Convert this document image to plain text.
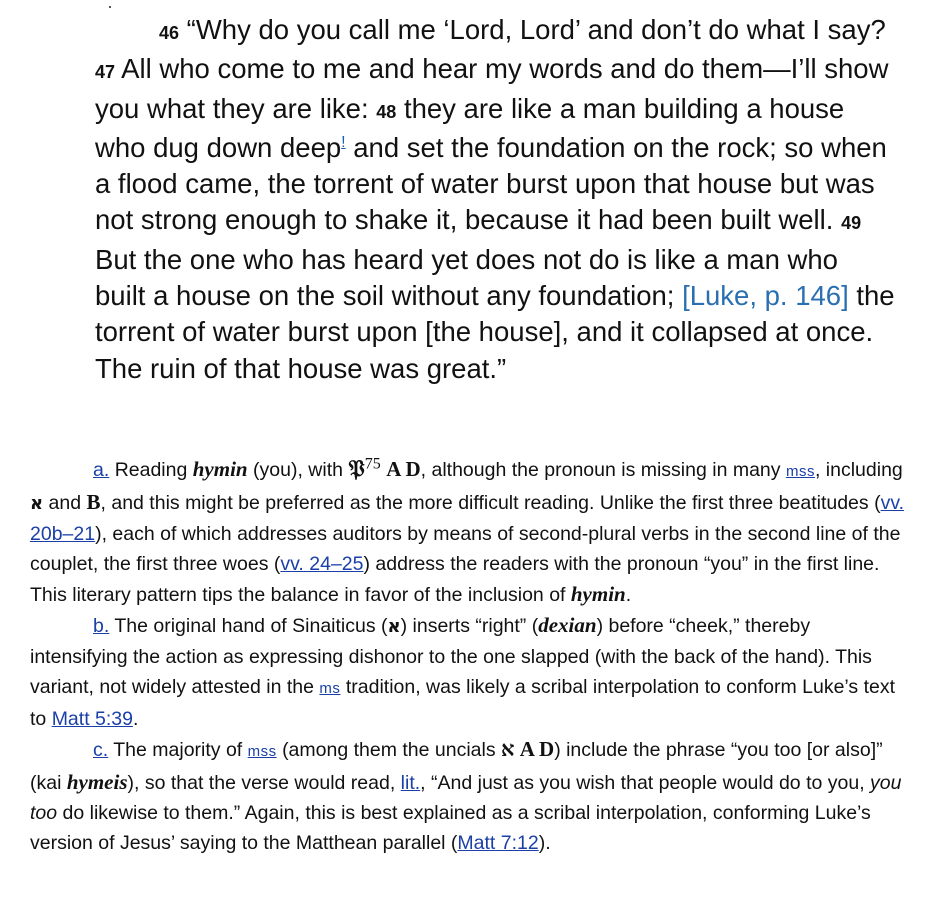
46 “Why do you call me ‘Lord, Lord’ and don’t do what I say? 47 All who come to me and hear my words and do them—I’ll show you what they are like: 48 they are like a man building a house who dug down deep! and set the foundation on the rock; so when a flood came, the torrent of water burst upon that house but was not strong enough to shake it, because it had been built well. 49 But the one who has heard yet does not do is like a man who built a house on the soil without any foundation; [Luke, p. 146] the torrent of water burst upon [the house], and it collapsed at once. The ruin of that house was great.”

a. Reading hymin (you), with 𝔓$^{75}$ A D, although the pronoun is missing in many mss, including א and B, and this might be preferred as the more difficult reading. Unlike the first three beatitudes (vv. 20b–21), each of which addresses auditors by means of second-plural verbs in the second line of the couplet, the first three woes (vv. 24–25) address the readers with the pronoun “you” in the first line. This literary pattern tips the balance in favor of the inclusion of hymin.

b. The original hand of Sinaiticus (א) inserts “right” (dexian) before “cheek,” thereby intensifying the action as expressing dishonor to the one slapped (with the back of the hand). This variant, not widely attested in the ms tradition, was likely a scribal interpolation to conform Luke’s text to Matt 5:39.

c. The majority of mss (among them the uncials א A D) include the phrase “you too [or also]” (kai hymeis), so that the verse would read, lit., “And just as you wish that people would do to you, you too do likewise to them.” Again, this is best explained as a scribal interpolation, conforming Luke’s version of Jesus’ saying to the Matthean parallel (Matt 7:12).
